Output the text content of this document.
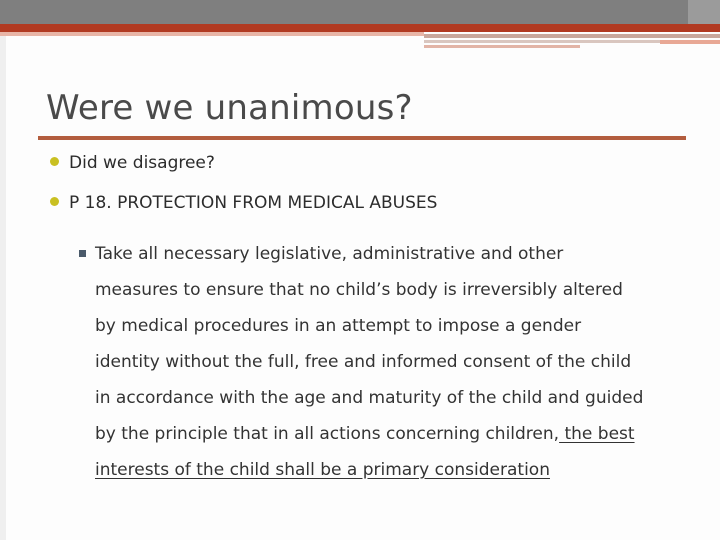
Were we unanimous?
Did we disagree?
P 18. PROTECTION FROM MEDICAL ABUSES
Take all necessary legislative, administrative and other
measures to ensure that no child’s body is irreversibly altered
by medical procedures in an attempt to impose a gender
identity without the full, free and informed consent of the child
in accordance with the age and maturity of the child and guided
by the principle that in all actions concerning children, the best
interests of the child shall be a primary consideration
